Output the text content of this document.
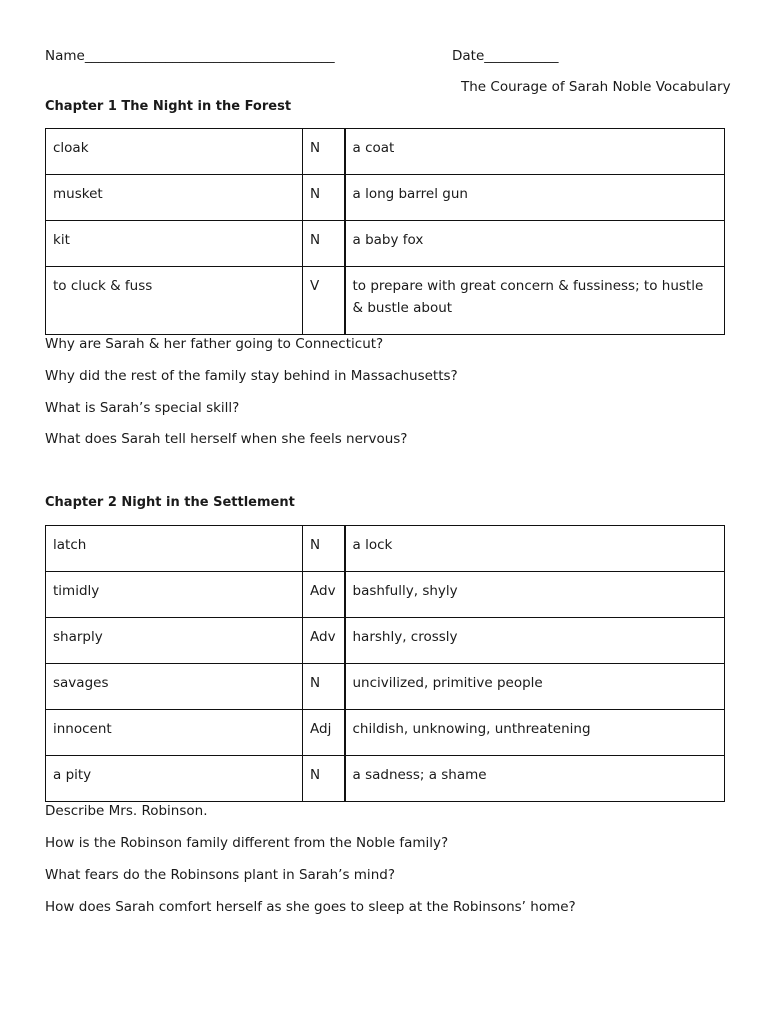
Name_____________________________________	Date___________
The Courage of Sarah Noble Vocabulary
Chapter 1 The Night in the Forest
cloak	N	a coat
musket	N	a long barrel gun
kit	N	a baby fox
to cluck & fuss	V	to prepare with great concern & fussiness; to hustle & bustle about
Why are Sarah & her father going to Connecticut?
Why did the rest of the family stay behind in Massachusetts?
What is Sarah’s special skill?
What does Sarah tell herself when she feels nervous?
Chapter 2 Night in the Settlement
latch	N	a lock
timidly	Adv	bashfully, shyly
sharply	Adv	harshly, crossly
savages	N	uncivilized, primitive people
innocent	Adj	childish, unknowing, unthreatening
a pity	N	a sadness; a shame
Describe Mrs. Robinson.
How is the Robinson family different from the Noble family?
What fears do the Robinsons plant in Sarah’s mind?
How does Sarah comfort herself as she goes to sleep at the Robinsons’ home?
